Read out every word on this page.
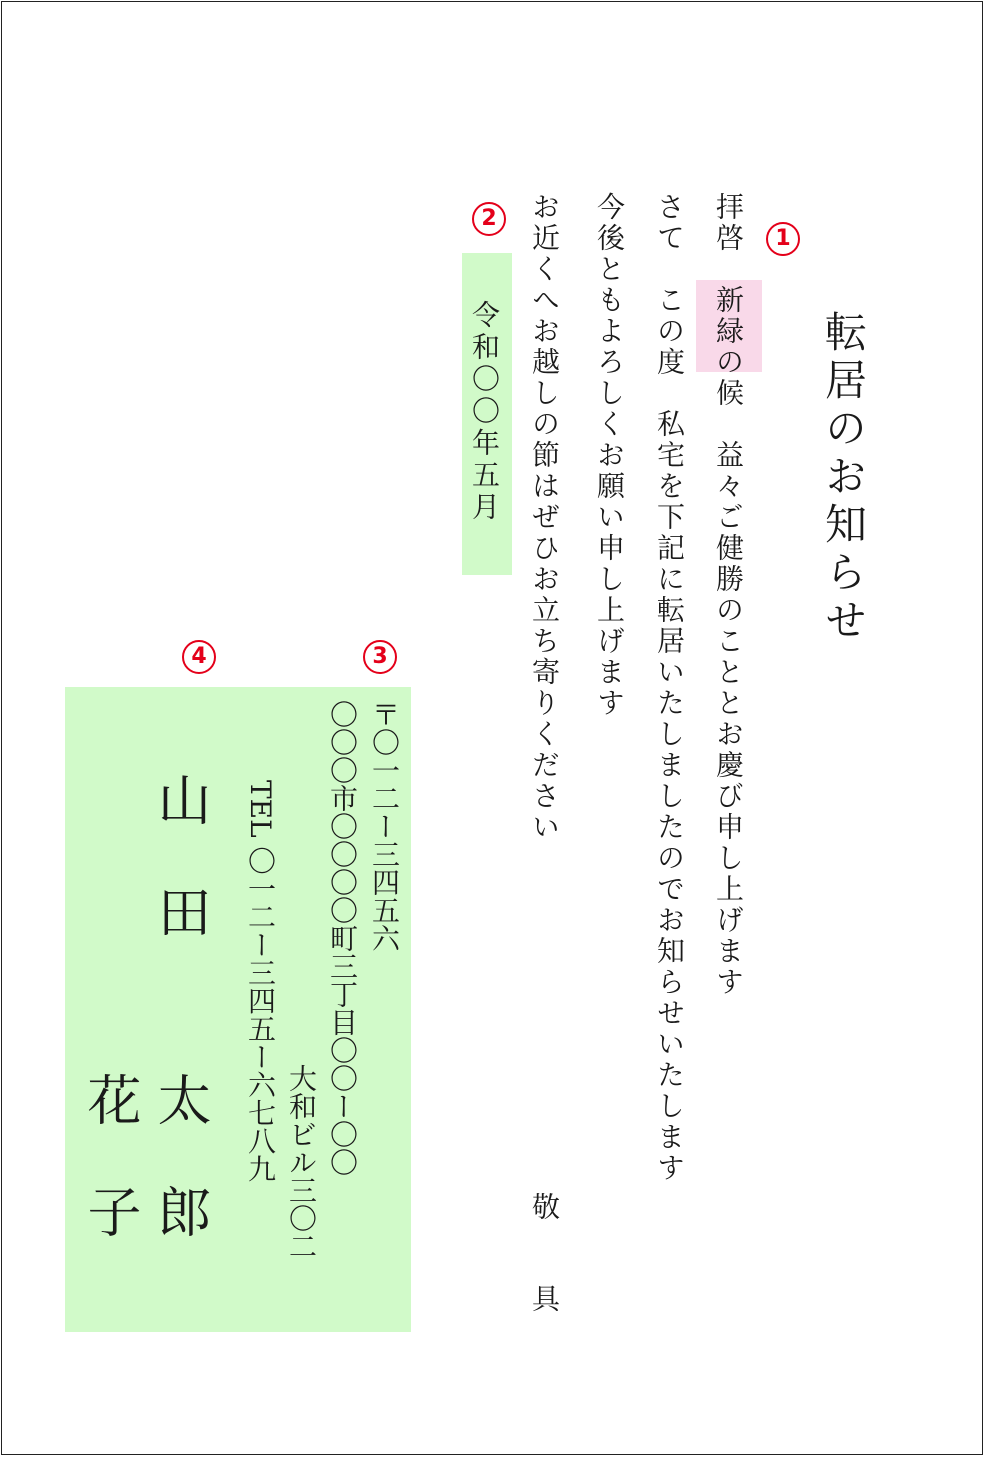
1
2
3
4
転居のお知らせ
拝啓　新緑の候　益々ご健勝のこととお慶び申し上げます
さて　この度　私宅を下記に転居いたしましたのでお知らせいたします
今後ともよろしくお願い申し上げます
お近くへお越しの節はぜひお立ち寄りください
敬　具
令和〇〇年五月
〒〇一二ー三四五六
〇〇〇市〇〇〇〇町三丁目〇〇ー〇〇
大和ビル三〇二
TEL 〇一二ー三四五ー六七八九
山田
太郎
花子
